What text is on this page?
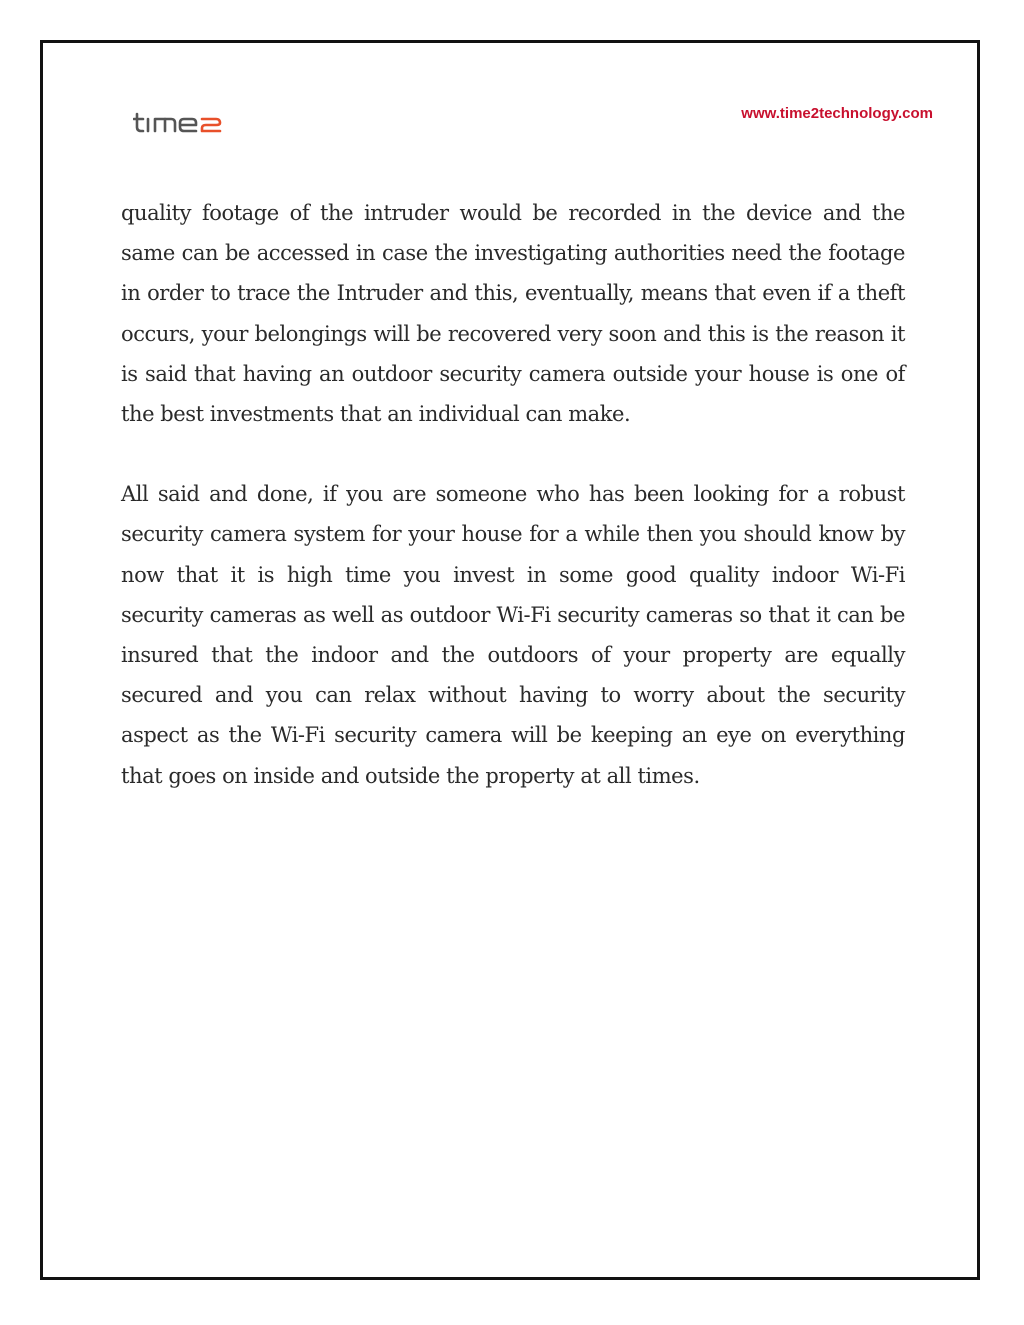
www.time2technology.com

quality footage of the intruder would be recorded in the device and the same can be accessed in case the investigating authorities need the footage in order to trace the Intruder and this, eventually, means that even if a theft occurs, your belongings will be recovered very soon and this is the reason it is said that having an outdoor security camera outside your house is one of the best investments that an individual can make.

All said and done, if you are someone who has been looking for a robust security camera system for your house for a while then you should know by now that it is high time you invest in some good quality indoor Wi-Fi security cameras as well as outdoor Wi-Fi security cameras so that it can be insured that the indoor and the outdoors of your property are equally secured and you can relax without having to worry about the security aspect as the Wi-Fi security camera will be keeping an eye on everything that goes on inside and outside the property at all times.
